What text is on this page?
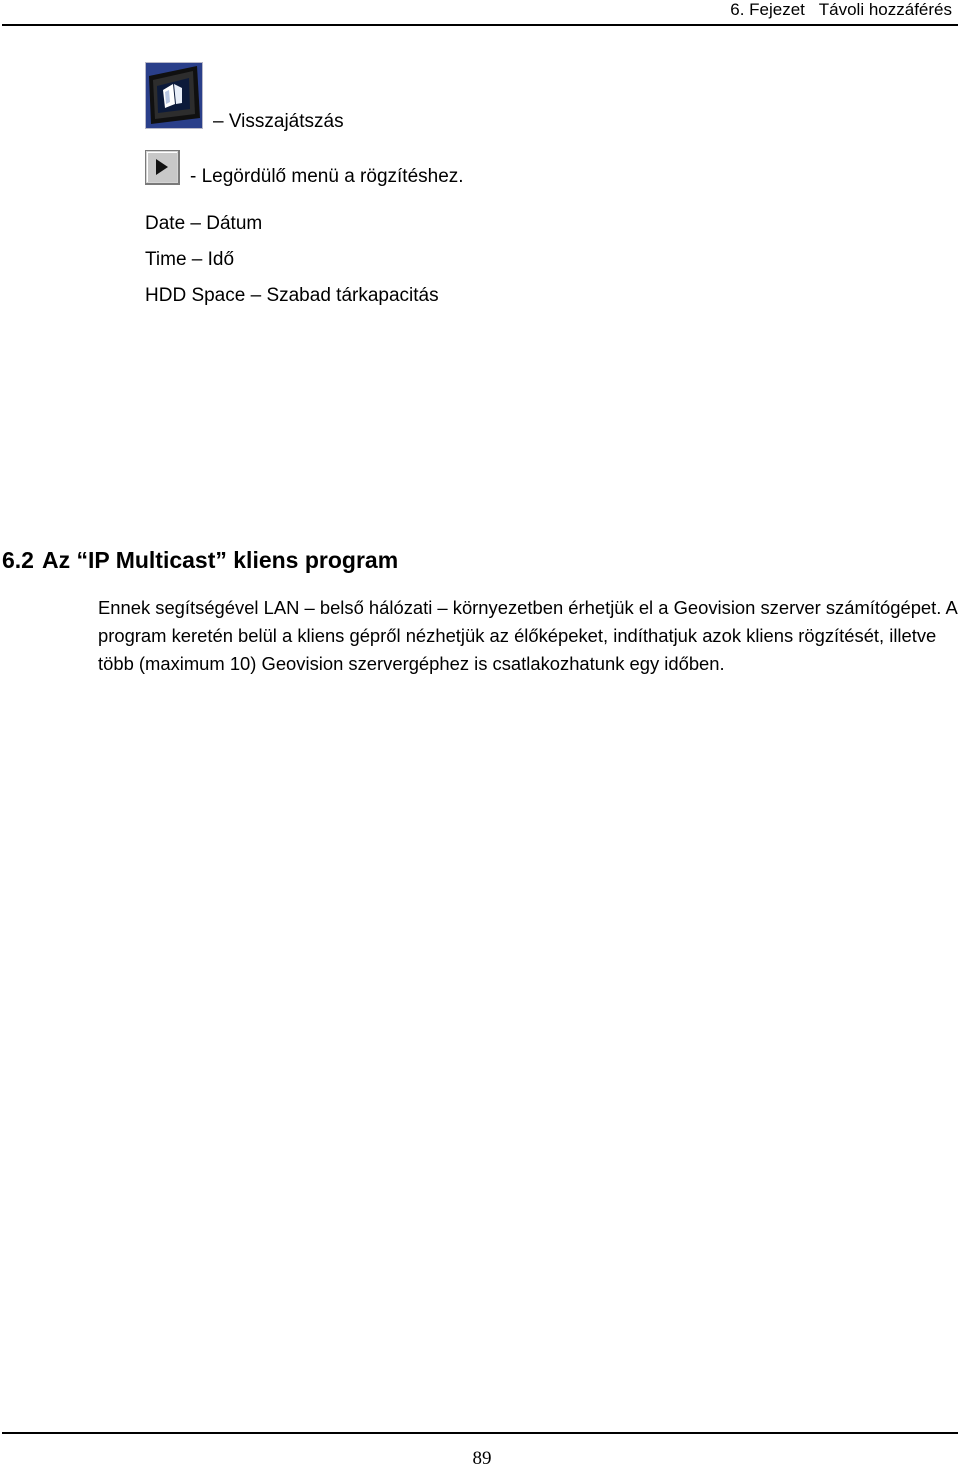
6. Fejezet Távoli hozzáférés
– Visszajátszás
- Legördülő menü a rögzítéshez.
Date – Dátum
Time – Idő
HDD Space – Szabad tárkapacitás
6.2 Az “IP Multicast” kliens program

Ennek segítségével LAN – belső hálózati – környezetben érhetjük el a Geovision szerver számítógépet. A program keretén belül a kliens gépről nézhetjük az élőképeket, indíthatjuk azok kliens rögzítését, illetve több (maximum 10) Geovision szervergéphez is csatlakozhatunk egy időben.

89
